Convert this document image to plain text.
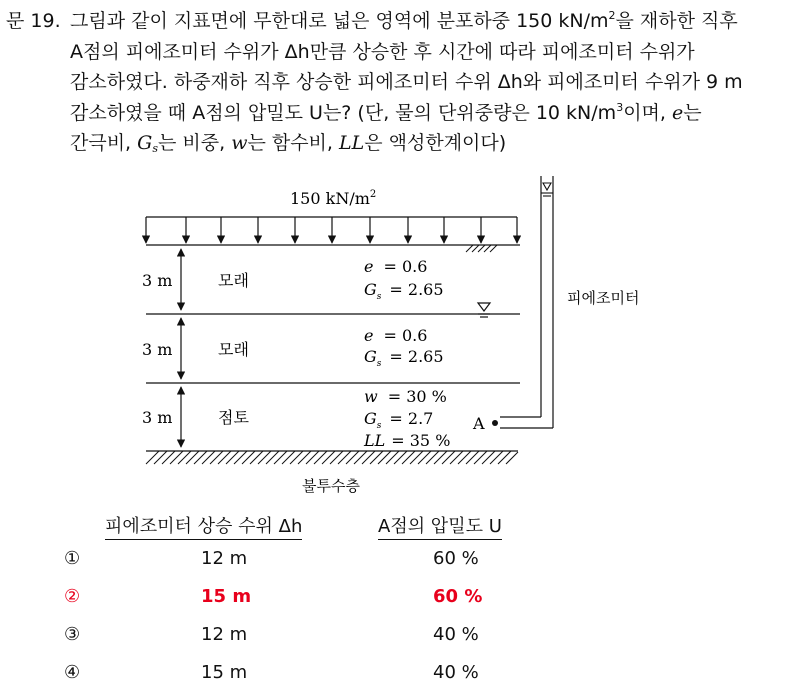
문 19. 그림과 같이 지표면에 무한대로 넓은 영역에 분포하중 150 $kN/m^2$을 재하한 직후
A점의 피에조미터 수위가 Δh만큼 상승한 후 시간에 따라 피에조미터 수위가
감소하였다. 하중재하 직후 상승한 피에조미터 수위 Δh와 피에조미터 수위가 9 m
감소하였을 때 A점의 압밀도 U는? (단, 물의 단위중량은 10 $kN/m^3$이며, e는
간극비, $G_s$는 비중, w는 함수비, LL은 액성한계이다)
150 $kN/m^2$
3 m	모래
e = 0.6
$G_s = 2.65$
3 m	모래
e = 0.6
$G_s = 2.65$
3 m	점토
w = 30 %
$G_s = 2.7$
LL = 35 %
A
피에조미터
불투수층
피에조미터 상승 수위 Δh	A점의 압밀도 U
①	12 m	60 %
②	15 m	60 %
③	12 m	40 %
④	15 m	40 %
